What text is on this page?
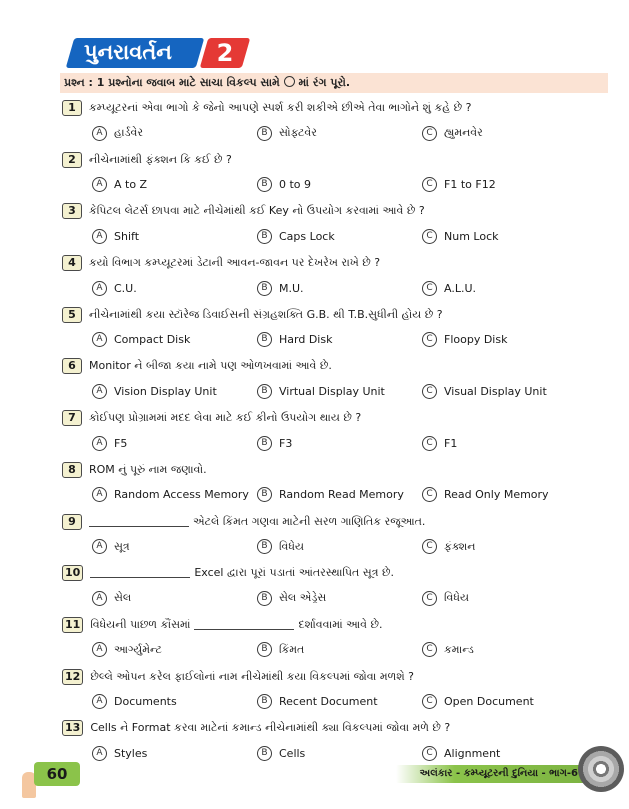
પુનરાવર્તન	2
પ્રશ્ન : 1 પ્રશ્નોના જવાબ માટે સાચા વિકલ્પ સામે માં રંગ પૂરો.
1	કમ્પ્યૂટરનાં એવા ભાગો કે જેનો આપણે સ્પર્શ કરી શકીએ છીએ તેવા ભાગોને શું કહે છે ?
A	હાર્ડવેર	B	સોફ્ટવેર	C	હ્યુમનવેર
2	નીચેનામાંથી ફંક્શન કિ કઈ છે ?
A	A to Z	B	0 to 9	C	F1 to F12
3	કેપિટલ લેટર્સ છાપવા માટે નીચેમાંથી કઈ Key નો ઉપયોગ કરવામાં આવે છે ?
A	Shift	B	Caps Lock	C	Num Lock
4	કયો વિભાગ કમ્પ્યૂટરમાં ડેટાની આવન-જાવન પર દેખરેખ રાખે છે ?
A	C.U.	B	M.U.	C	A.L.U.
5	નીચેનામાંથી કયા સ્ટૉરેજ ડિવાઈસની સંગ્રહશક્તિ G.B. થી T.B.સુધીની હોય છે ?
A	Compact Disk	B	Hard Disk	C	Floopy Disk
6	Monitor ને બીજા કયા નામે પણ ઓળખવામાં આવે છે.
A	Vision Display Unit	B	Virtual Display Unit	C	Visual Display Unit
7	કોઈપણ પ્રોગ્રામમાં મદદ લેવા માટે કઈ કીનો ઉપયોગ થાય છે ?
A	F5	B	F3	C	F1
8	ROM નું પૂરું નામ જણાવો.
A	Random Access Memory	B	Random Read Memory	C	Read Only Memory
9	એટલે કિંમત ગણવા માટેની સરળ ગાણિતિક રજૂઆત.
A	સૂત્ર	B	વિધેય	C	ફંક્શન
10	Excel દ્વારા પૂરાં પડાતાં આંતરસ્થાપિત સૂત્ર છે.
A	સેલ	B	સેલ એડ્રેસ	C	વિધેય
11 વિધેયની પાછળ કૌંસમાં	દર્શાવવામાં આવે છે.
A	આર્ગ્યુમેન્ટ	B	કિંમત	C	કમાન્ડ
12 છેલ્લે ઓપન કરેલ ફાઈલોનાં નામ નીચેમાંથી કયા વિકલ્પમાં જોવા મળશે ?
A	Documents	B	Recent Document	C	Open Document
13 Cells ને Format કરવા માટેનાં કમાન્ડ નીચેનામાંથી ક્યા વિકલ્પમાં જોવા મળે છે ?
A	Styles	B	Cells	C	Alignment
60	અલંકાર - કમ્પ્યૂટરની દુનિયા - ભાગ-6
